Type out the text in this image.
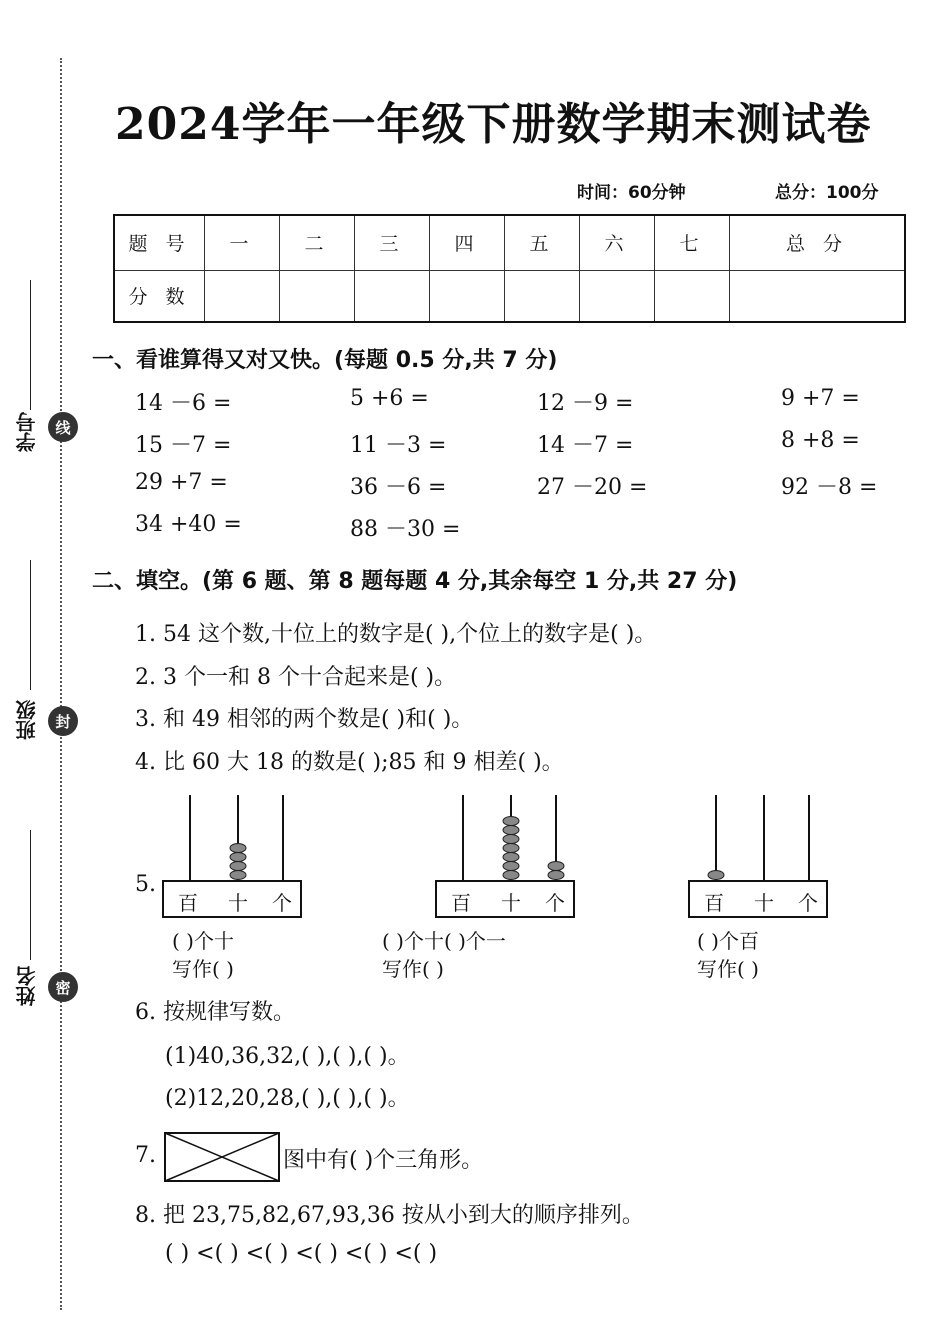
学号	线
班级	封
姓名	密
2024学年一年级下册数学期末测试卷
时间：60分钟	总分：100分
题 号	一	二	三	四	五	六	七	总 分
分 数								
一、看谁算得又对又快。(每题 0.5 分,共 7 分)
14 －6 =	5 +6 =	12 －9 =	9 +7 =
15 －7 =	11 －3 =	14 －7 =	8 +8 =
29 +7 =	36 －6 =	27 －20 =	92 －8 =
34 +40 =	88 －30 =
二、填空。(第 6 题、第 8 题每题 4 分,其余每空 1 分,共 27 分)
1. 54 这个数,十位上的数字是( ),个位上的数字是( )。
2. 3 个一和 8 个十合起来是( )。
3. 和 49 相邻的两个数是( )和( )。
4. 比 60 大 18 的数是( );85 和 9 相差( )。
5.
百 十 个
( )个十
写作( )
百 十 个
( )个十( )个一
写作( )
百 十 个
( )个百
写作( )
6. 按规律写数。
(1)40,36,32,( ),( ),( )。
(2)12,20,28,( ),( ),( )。
7.	图中有( )个三角形。
8. 把 23,75,82,67,93,36 按从小到大的顺序排列。
( ) <( ) <( ) <( ) <( ) <( )
